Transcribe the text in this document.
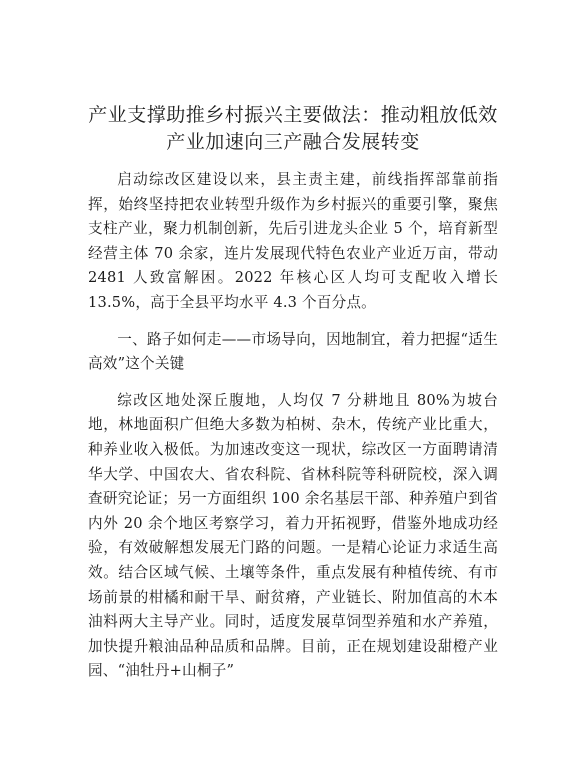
产业支撑助推乡村振兴主要做法：推动粗放低效产业加速向三产融合发展转变

启动综改区建设以来，县主责主建，前线指挥部靠前指挥，始终坚持把农业转型升级作为乡村振兴的重要引擎，聚焦支柱产业，聚力机制创新，先后引进龙头企业 5 个，培育新型经营主体 70 余家，连片发展现代特色农业产业近万亩，带动 2481 人致富解困。2022 年核心区人均可支配收入增长 13.5%，高于全县平均水平 4.3 个百分点。

一、路子如何走——市场导向，因地制宜，着力把握“适生高效”这个关键

综改区地处深丘腹地，人均仅 7 分耕地且 80%为坡台地，林地面积广但绝大多数为柏树、杂木，传统产业比重大，种养业收入极低。为加速改变这一现状，综改区一方面聘请清华大学、中国农大、省农科院、省林科院等科研院校，深入调查研究论证；另一方面组织 100 余名基层干部、种养殖户到省内外 20 余个地区考察学习，着力开拓视野，借鉴外地成功经验，有效破解想发展无门路的问题。一是精心论证力求适生高效。结合区域气候、土壤等条件，重点发展有种植传统、有市场前景的柑橘和耐干旱、耐贫瘠，产业链长、附加值高的木本油料两大主导产业。同时，适度发展草饲型养殖和水产养殖，加快提升粮油品种品质和品牌。目前，正在规划建设甜橙产业园、“油牡丹+山桐子”
